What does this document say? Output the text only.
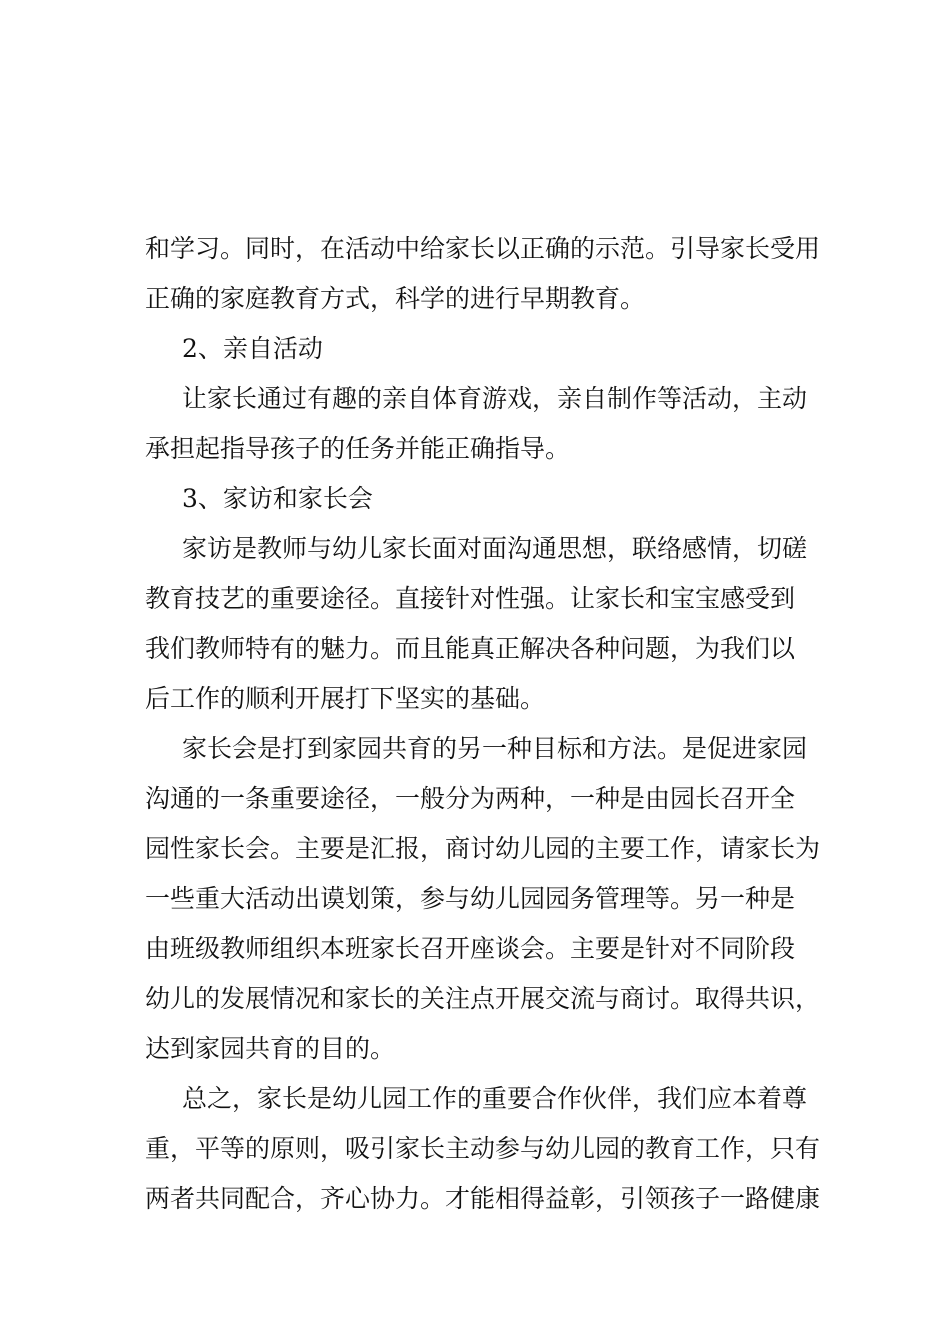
和学习。同时，在活动中给家长以正确的示范。引导家长受用
正确的家庭教育方式，科学的进行早期教育。
2、亲自活动
让家长通过有趣的亲自体育游戏，亲自制作等活动，主动
承担起指导孩子的任务并能正确指导。
3、家访和家长会
家访是教师与幼儿家长面对面沟通思想，联络感情，切磋
教育技艺的重要途径。直接针对性强。让家长和宝宝感受到
我们教师特有的魅力。而且能真正解决各种问题，为我们以
后工作的顺利开展打下坚实的基础。
家长会是打到家园共育的另一种目标和方法。是促进家园
沟通的一条重要途径，一般分为两种，一种是由园长召开全
园性家长会。主要是汇报，商讨幼儿园的主要工作，请家长为
一些重大活动出谟划策，参与幼儿园园务管理等。另一种是
由班级教师组织本班家长召开座谈会。主要是针对不同阶段
幼儿的发展情况和家长的关注点开展交流与商讨。取得共识，
达到家园共育的目的。
总之，家长是幼儿园工作的重要合作伙伴，我们应本着尊
重，平等的原则，吸引家长主动参与幼儿园的教育工作，只有
两者共同配合，齐心协力。才能相得益彰，引领孩子一路健康
